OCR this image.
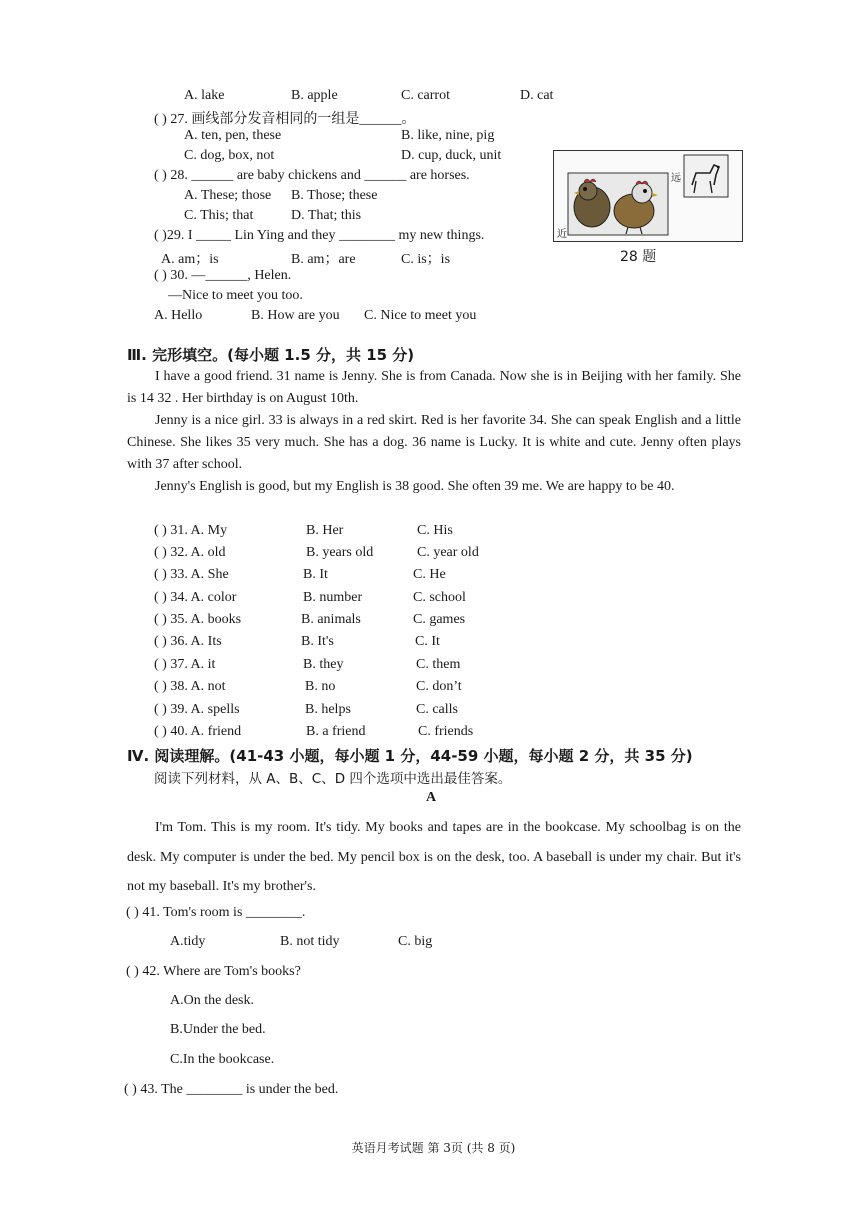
A. lake	B. apple	C. carrot	D. cat
( ) 27. 画线部分发音相同的一组是______。
A. ten, pen, these	B. like, nine, pig
C. dog, box, not	D. cup, duck, unit
( ) 28. ______ are baby chickens and ______ are horses.
A. These; those B. Those; these
C. This; that	D. That; this
远
近
28 题
( )29. I _____ Lin Ying and they ________ my new things.
A. am；is	B. am；are	C. is；is
( ) 30. —______, Helen.
—Nice to meet you too.
A. Hello	B. How are you C. Nice to meet you
Ⅲ. 完形填空。(每小题 1.5 分，共 15 分)
I have a good friend. 31 name is Jenny. She is from Canada. Now she is in Beijing with her family. She is 14 32 . Her birthday is on August 10th.
Jenny is a nice girl. 33 is always in a red skirt. Red is her favorite 34. She can speak English and a little Chinese. She likes 35 very much. She has a dog. 36 name is Lucky. It is white and cute. Jenny often plays with 37 after school.
Jenny's English is good, but my English is 38 good. She often 39 me. We are happy to be 40.
( ) 31. A. My	B. Her	C. His
( ) 32. A. old	B. years old	C. year old
( ) 33. A. She	B. It	C. He
( ) 34. A. color	B. number	C. school
( ) 35. A. books	B. animals	C. games
( ) 36. A. Its	B. It's	C. It
( ) 37. A. it	B. they	C. them
( ) 38. A. not	B. no	C. don’t
( ) 39. A. spells	B. helps	C. calls
( ) 40. A. friend	B. a friend	C. friends
Ⅳ. 阅读理解。(41-43 小题，每小题 1 分，44-59 小题，每小题 2 分，共 35 分)
阅读下列材料，从 A、B、C、D 四个选项中选出最佳答案。
A
I'm Tom. This is my room. It's tidy. My books and tapes are in the bookcase. My schoolbag is on the desk. My computer is under the bed. My pencil box is on the desk, too. A baseball is under my chair. But it's not my baseball. It's my brother's.
( ) 41. Tom's room is ________.
A.tidy	B. not tidy	C. big
( ) 42. Where are Tom's books?
A.On the desk.
B.Under the bed.
C.In the bookcase.
( ) 43. The ________ is under the bed.
英语月考试题 第 3页 (共 8 页)
